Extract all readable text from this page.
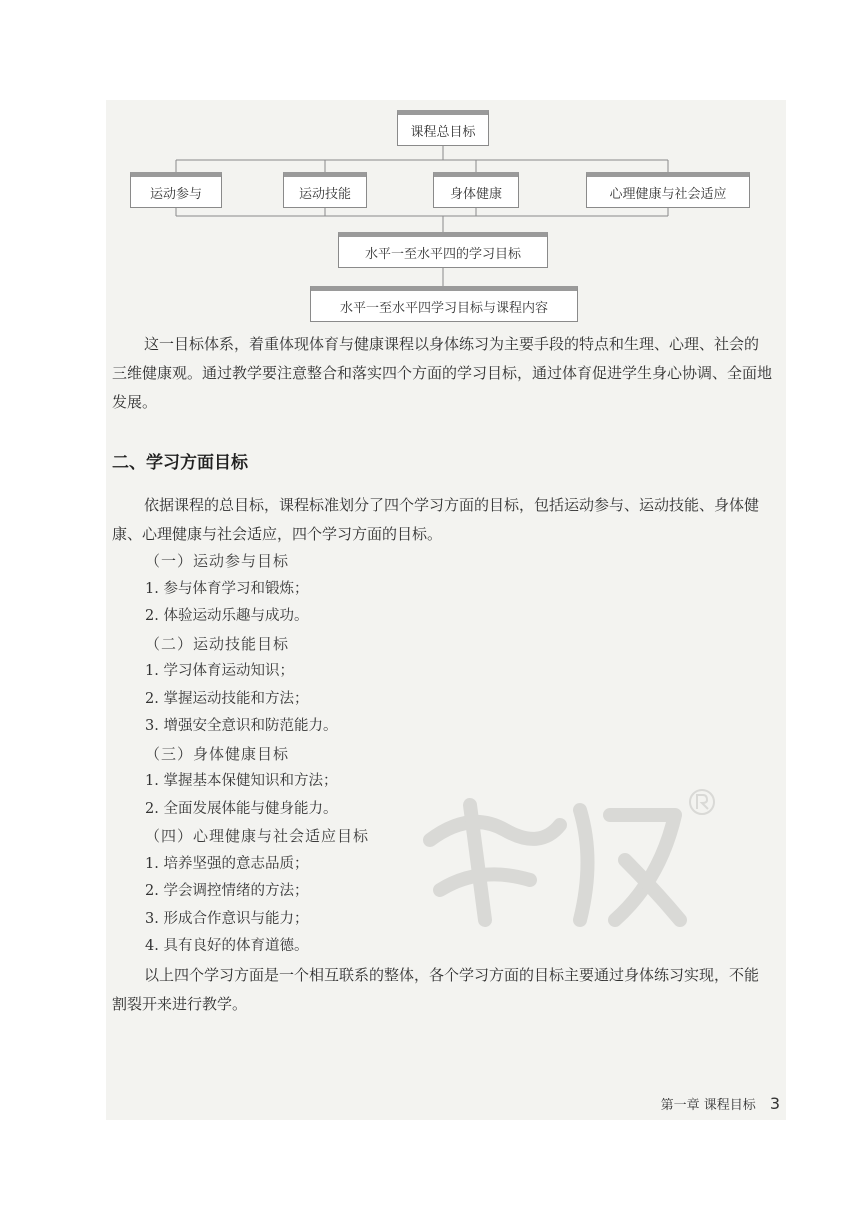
课程总目标
运动参与	运动技能	身体健康	心理健康与社会适应
水平一至水平四的学习目标
水平一至水平四学习目标与课程内容
这一目标体系，着重体现体育与健康课程以身体练习为主要手段的特点和生理、心理、社会的三维健康观。通过教学要注意整合和落实四个方面的学习目标，通过体育促进学生身心协调、全面地发展。
二、学习方面目标
依据课程的总目标，课程标准划分了四个学习方面的目标，包括运动参与、运动技能、身体健康、心理健康与社会适应，四个学习方面的目标。
（一）运动参与目标
1. 参与体育学习和锻炼；
2. 体验运动乐趣与成功。
（二）运动技能目标
1. 学习体育运动知识；
2. 掌握运动技能和方法；
3. 增强安全意识和防范能力。
（三）身体健康目标
1. 掌握基本保健知识和方法；
2. 全面发展体能与健身能力。
（四）心理健康与社会适应目标
1. 培养坚强的意志品质；
2. 学会调控情绪的方法；
3. 形成合作意识与能力；
4. 具有良好的体育道德。
以上四个学习方面是一个相互联系的整体，各个学习方面的目标主要通过身体练习实现，不能割裂开来进行教学。
第一章 课程目标 3
